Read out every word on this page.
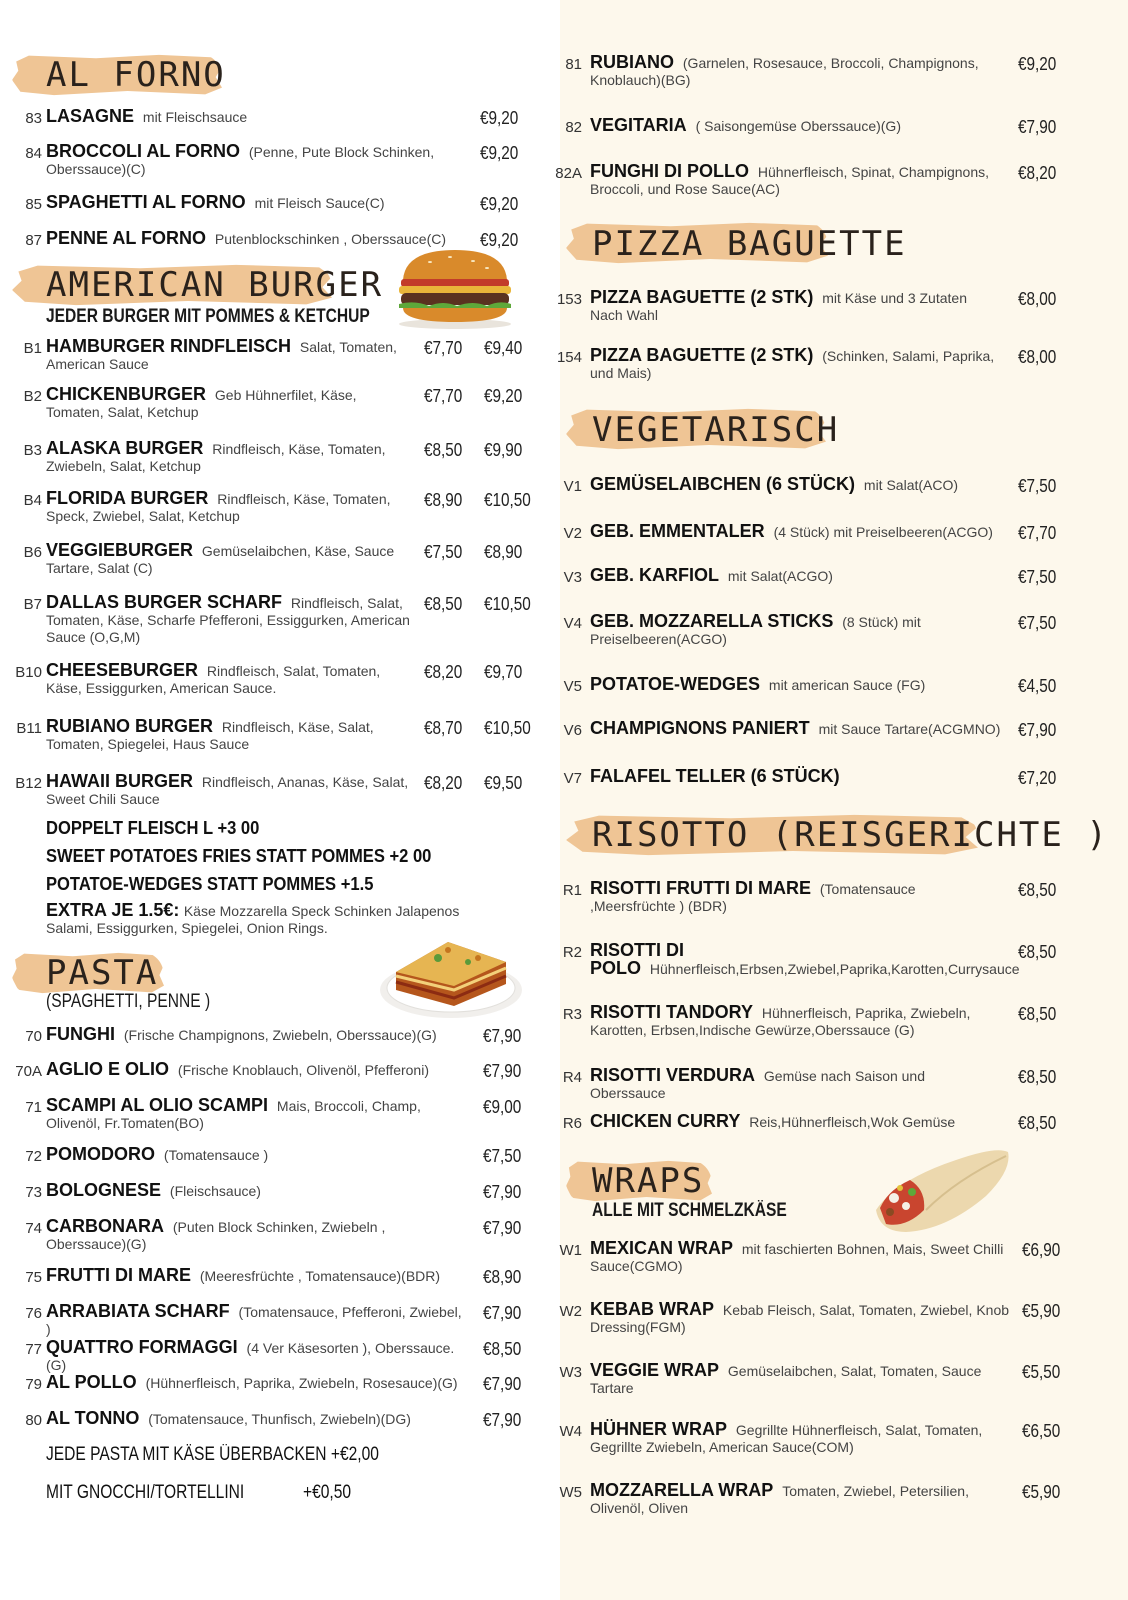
AL FORNO
83 LASAGNE mit Fleischsauce	€9,20
84 BROCCOLI AL FORNO (Penne, Pute Block Schinken, Oberssauce)(C)
€9,20
85 SPAGHETTI AL FORNO mit Fleisch Sauce(C)	€9,20
87 PENNE AL FORNO Putenblockschinken , Oberssauce(C) €9,20
AMERICAN BURGER
JEDER BURGER MIT POMMES & KETCHUP
B1 HAMBURGER RINDFLEISCH Salat, Tomaten, American Sauce
€7,70 €9,40
B2 CHICKENBURGER Geb Hühnerfilet, Käse, Tomaten, Salat, Ketchup
€7,70 €9,20
B3 ALASKA BURGER Rindfleisch, Käse, Tomaten, Zwiebeln, Salat, Ketchup
€8,50 €9,90
B4 FLORIDA BURGER Rindfleisch, Käse, Tomaten, Speck, Zwiebel, Salat, Ketchup
€8,90 €10,50
B6 VEGGIEBURGER Gemüselaibchen, Käse, Sauce Tartare, Salat (C)
€7,50 €8,90
B7 DALLAS BURGER SCHARF Rindfleisch, Salat, Tomaten, Käse, Scharfe Pfefferoni, Essiggurken, American Sauce (O,G,M)
€8,50 €10,50
B10 CHEESEBURGER Rindfleisch, Salat, Tomaten, Käse, Essiggurken, American Sauce.
€8,20 €9,70
B11 RUBIANO BURGER Rindfleisch, Käse, Salat, Tomaten, Spiegelei, Haus Sauce
€8,70 €10,50
B12 HAWAII BURGER Rindfleisch, Ananas, Käse, Salat, Sweet Chili Sauce
€8,20 €9,50
DOPPELT FLEISCH L +3 00
SWEET POTATOES FRIES STATT POMMES +2 00
POTATOE-WEDGES STATT POMMES +1.5
EXTRA JE 1.5€: Käse Mozzarella Speck Schinken Jalapenos Salami, Essiggurken, Spiegelei, Onion Rings.
PASTA
(SPAGHETTI, PENNE )
70 FUNGHI (Frische Champignons, Zwiebeln, Oberssauce)(G)	€7,90
70A AGLIO E OLIO (Frische Knoblauch, Olivenöl, Pfefferoni)	€7,90
71 SCAMPI AL OLIO SCAMPI Mais, Broccoli, Champ, Olivenöl, Fr.Tomaten(BO)
€9,00
72 POMODORO (Tomatensauce )	€7,50
73 BOLOGNESE (Fleischsauce)	€7,90
74 CARBONARA (Puten Block Schinken, Zwiebeln , Oberssauce)(G)
€7,90
75 FRUTTI DI MARE (Meeresfrüchte , Tomatensauce)(BDR)	€8,90
76 ARRABIATA SCHARF (Tomatensauce, Pfefferoni, Zwiebel, )
€7,90
77 QUATTRO FORMAGGI (4 Ver Käsesorten ), Oberssauce.(G)
€8,50
79 AL POLLO (Hühnerfleisch, Paprika, Zwiebeln, Rosesauce)(G)	€7,90
80 AL TONNO (Tomatensauce, Thunfisch, Zwiebeln)(DG)	€7,90
JEDE PASTA MIT KÄSE ÜBERBACKEN +€2,00
MIT GNOCCHI/TORTELLINI	+€0,50
81 RUBIANO (Garnelen, Rosesauce, Broccoli, Champignons, Knoblauch)(BG)
€9,20
82 VEGITARIA ( Saisongemüse Oberssauce)(G)	€7,90
82A FUNGHI DI POLLO Hühnerfleisch, Spinat, Champignons, Broccoli, und Rose Sauce(AC)
€8,20
PIZZA BAGUETTE
153 PIZZA BAGUETTE (2 STK) mit Käse und 3 Zutaten Nach Wahl
€8,00
154 PIZZA BAGUETTE (2 STK) (Schinken, Salami, Paprika, und Mais)
€8,00
VEGETARISCH
V1 GEMÜSELAIBCHEN (6 STÜCK) mit Salat(ACO)	€7,50
V2 GEB. EMMENTALER (4 Stück) mit Preiselbeeren(ACGO)	€7,70
V3 GEB. KARFIOL mit Salat(ACGO)	€7,50
V4 GEB. MOZZARELLA STICKS (8 Stück) mit Preiselbeeren(ACGO)
€7,50
V5 POTATOE-WEDGES mit american Sauce (FG)	€4,50
V6 CHAMPIGNONS PANIERT mit Sauce Tartare(ACGMNO) €7,90
V7 FALAFEL TELLER (6 STÜCK)	€7,20
RISOTTO (REISGERICHTE )
R1 RISOTTI FRUTTI DI MARE (Tomatensauce ,Meersfrüchte ) (BDR)
€8,50
R2 RISOTTI DI POLO Hühnerfleisch,Erbsen,Zwiebel,Paprika,Karotten,Currysauce
€8,50
R3 RISOTTI TANDORY Hühnerfleisch, Paprika, Zwiebeln, Karotten, Erbsen,Indische Gewürze,Oberssauce (G)
€8,50
R4 RISOTTI VERDURA Gemüse nach Saison und Oberssauce
€8,50
R6 CHICKEN CURRY Reis,Hühnerfleisch,Wok Gemüse	€8,50
WRAPS
ALLE MIT SCHMELZKÄSE
W1 MEXICAN WRAP mit faschierten Bohnen, Mais, Sweet Chilli Sauce(CGMO)
€6,90
W2 KEBAB WRAP Kebab Fleisch, Salat, Tomaten, Zwiebel, Knob Dressing(FGM)
€5,90
W3 VEGGIE WRAP Gemüselaibchen, Salat, Tomaten, Sauce Tartare
€5,50
W4 HÜHNER WRAP Gegrillte Hühnerfleisch, Salat, Tomaten, Gegrillte Zwiebeln, American Sauce(COM)
€6,50
W5 MOZZARELLA WRAP Tomaten, Zwiebel, Petersilien, Olivenöl, Oliven
€5,90
